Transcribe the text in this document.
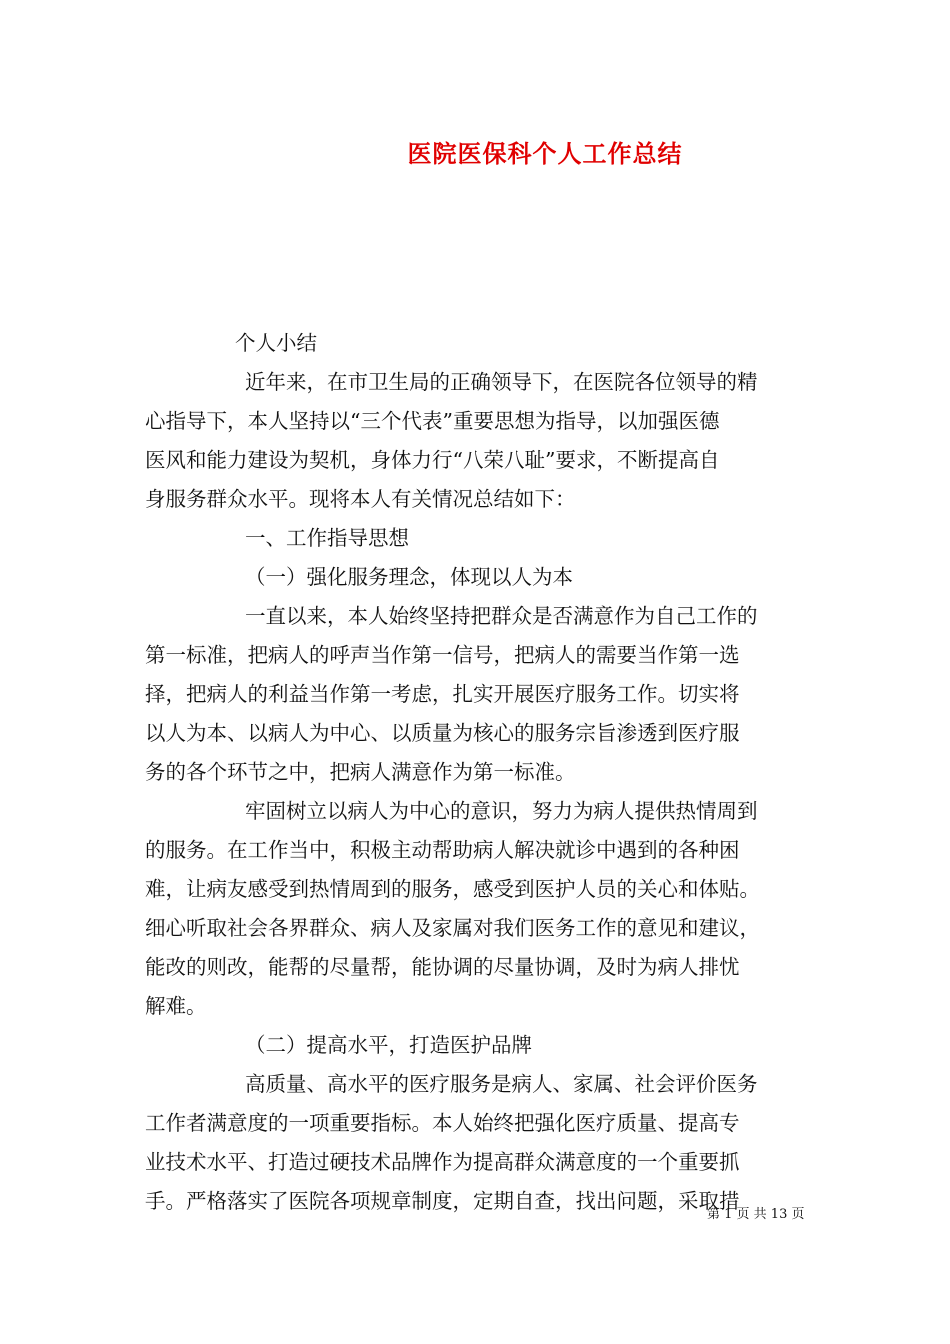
医院医保科个人工作总结
个人小结
近年来，在市卫生局的正确领导下，在医院各位领导的精
心指导下，本人坚持以“三个代表”重要思想为指导，以加强医德
医风和能力建设为契机，身体力行“八荣八耻”要求，不断提高自
身服务群众水平。现将本人有关情况总结如下：
一、工作指导思想
（一）强化服务理念，体现以人为本
一直以来，本人始终坚持把群众是否满意作为自己工作的
第一标准，把病人的呼声当作第一信号，把病人的需要当作第一选
择，把病人的利益当作第一考虑，扎实开展医疗服务工作。切实将
以人为本、以病人为中心、以质量为核心的服务宗旨渗透到医疗服
务的各个环节之中，把病人满意作为第一标准。
牢固树立以病人为中心的意识，努力为病人提供热情周到
的服务。在工作当中，积极主动帮助病人解决就诊中遇到的各种困
难，让病友感受到热情周到的服务，感受到医护人员的关心和体贴。
细心听取社会各界群众、病人及家属对我们医务工作的意见和建议，
能改的则改，能帮的尽量帮，能协调的尽量协调，及时为病人排忧
解难。
（二）提高水平，打造医护品牌
高质量、高水平的医疗服务是病人、家属、社会评价医务
工作者满意度的一项重要指标。本人始终把强化医疗质量、提高专
业技术水平、打造过硬技术品牌作为提高群众满意度的一个重要抓
手。严格落实了医院各项规章制度，定期自查，找出问题，采取措
第 1 页 共 13 页
